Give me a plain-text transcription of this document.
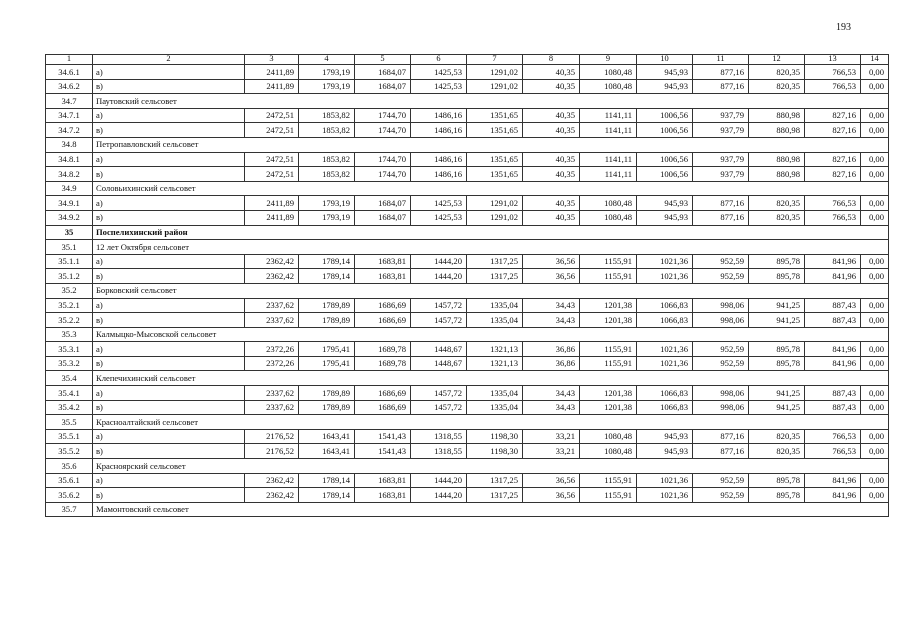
193
1	2	3	4	5	6	7	8	9	10	11	12	13	14
34.6.1	а)	2411,89	1793,19	1684,07	1425,53	1291,02	40,35	1080,48	945,93	877,16	820,35	766,53	0,00
34.6.2	в)	2411,89	1793,19	1684,07	1425,53	1291,02	40,35	1080,48	945,93	877,16	820,35	766,53	0,00
34.7	Паутовский сельсовет												
34.7.1	а)	2472,51	1853,82	1744,70	1486,16	1351,65	40,35	1141,11	1006,56	937,79	880,98	827,16	0,00
34.7.2	в)	2472,51	1853,82	1744,70	1486,16	1351,65	40,35	1141,11	1006,56	937,79	880,98	827,16	0,00
34.8	Петропавловский сельсовет												
34.8.1	а)	2472,51	1853,82	1744,70	1486,16	1351,65	40,35	1141,11	1006,56	937,79	880,98	827,16	0,00
34.8.2	в)	2472,51	1853,82	1744,70	1486,16	1351,65	40,35	1141,11	1006,56	937,79	880,98	827,16	0,00
34.9	Соловьихинский сельсовет												
34.9.1	а)	2411,89	1793,19	1684,07	1425,53	1291,02	40,35	1080,48	945,93	877,16	820,35	766,53	0,00
34.9.2	в)	2411,89	1793,19	1684,07	1425,53	1291,02	40,35	1080,48	945,93	877,16	820,35	766,53	0,00
35	Поспелихинский район												
35.1	12 лет Октября сельсовет												
35.1.1	а)	2362,42	1789,14	1683,81	1444,20	1317,25	36,56	1155,91	1021,36	952,59	895,78	841,96	0,00
35.1.2	в)	2362,42	1789,14	1683,81	1444,20	1317,25	36,56	1155,91	1021,36	952,59	895,78	841,96	0,00
35.2	Борковский сельсовет												
35.2.1	а)	2337,62	1789,89	1686,69	1457,72	1335,04	34,43	1201,38	1066,83	998,06	941,25	887,43	0,00
35.2.2	в)	2337,62	1789,89	1686,69	1457,72	1335,04	34,43	1201,38	1066,83	998,06	941,25	887,43	0,00
35.3	Калмыцко-Мысовской сельсовет												
35.3.1	а)	2372,26	1795,41	1689,78	1448,67	1321,13	36,86	1155,91	1021,36	952,59	895,78	841,96	0,00
35.3.2	в)	2372,26	1795,41	1689,78	1448,67	1321,13	36,86	1155,91	1021,36	952,59	895,78	841,96	0,00
35.4	Клепечихинский сельсовет												
35.4.1	а)	2337,62	1789,89	1686,69	1457,72	1335,04	34,43	1201,38	1066,83	998,06	941,25	887,43	0,00
35.4.2	в)	2337,62	1789,89	1686,69	1457,72	1335,04	34,43	1201,38	1066,83	998,06	941,25	887,43	0,00
35.5	Красноалтайский сельсовет												
35.5.1	а)	2176,52	1643,41	1541,43	1318,55	1198,30	33,21	1080,48	945,93	877,16	820,35	766,53	0,00
35.5.2	в)	2176,52	1643,41	1541,43	1318,55	1198,30	33,21	1080,48	945,93	877,16	820,35	766,53	0,00
35.6	Красноярский сельсовет												
35.6.1	а)	2362,42	1789,14	1683,81	1444,20	1317,25	36,56	1155,91	1021,36	952,59	895,78	841,96	0,00
35.6.2	в)	2362,42	1789,14	1683,81	1444,20	1317,25	36,56	1155,91	1021,36	952,59	895,78	841,96	0,00
35.7	Мамонтовский сельсовет												
